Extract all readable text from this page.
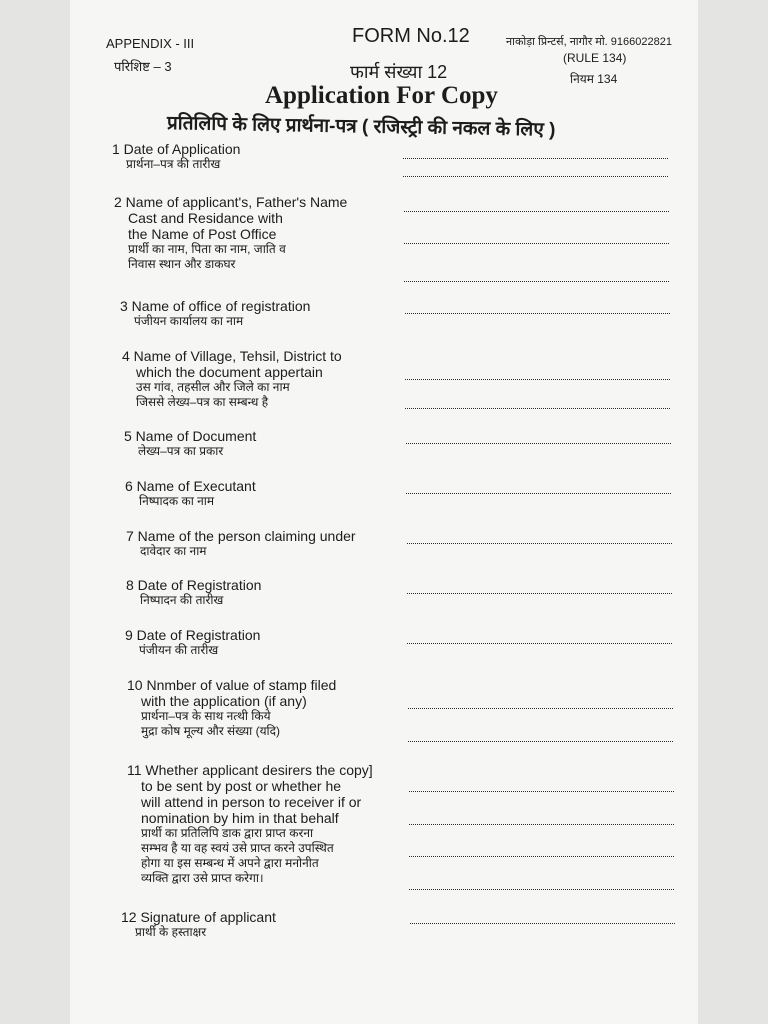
APPENDIX - III
परिशिष्ट – 3
FORM No.12	नाकोड़ा प्रिन्टर्स, नागौर मो. 9166022821
(RULE 134)
फार्म संख्या 12	नियम 134
Application For Copy
प्रतिलिपि के लिए प्रार्थना-पत्र ( रजिस्ट्री की नकल के लिए )
1 Date of Application
प्रार्थना–पत्र की तारीख
2 Name of applicant's, Father's Name
Cast and Residance with
the Name of Post Office
प्रार्थी का नाम, पिता का नाम, जाति व
निवास स्थान और डाकघर
3 Name of office of registration
पंजीयन कार्यालय का नाम
4 Name of Village, Tehsil, District to
which the document appertain
उस गांव, तहसील और जिले का नाम
जिससे लेख्य–पत्र का सम्बन्ध है
5 Name of Document
लेख्य–पत्र का प्रकार
6 Name of Executant
निष्पादक का नाम
7 Name of the person claiming under
दावेदार का नाम
8 Date of Registration
निष्पादन की तारीख
9 Date of Registration
पंजीयन की तारीख
10 Nnmber of value of stamp filed
with the application (if any)
प्रार्थना–पत्र के साथ नत्थी किये
मुद्रा कोष मूल्य और संख्या (यदि)
11 Whether applicant desirers the copy]
to be sent by post or whether he
will attend in person to receiver if or
nomination by him in that behalf
प्रार्थी का प्रतिलिपि डाक द्वारा प्राप्त करना
सम्भव है या वह स्वयं उसे प्राप्त करने उपस्थित
होगा या इस सम्बन्ध में अपने द्वारा मनोनीत
व्यक्ति द्वारा उसे प्राप्त करेगा।
12 Signature of applicant
प्रार्थी के हस्ताक्षर
